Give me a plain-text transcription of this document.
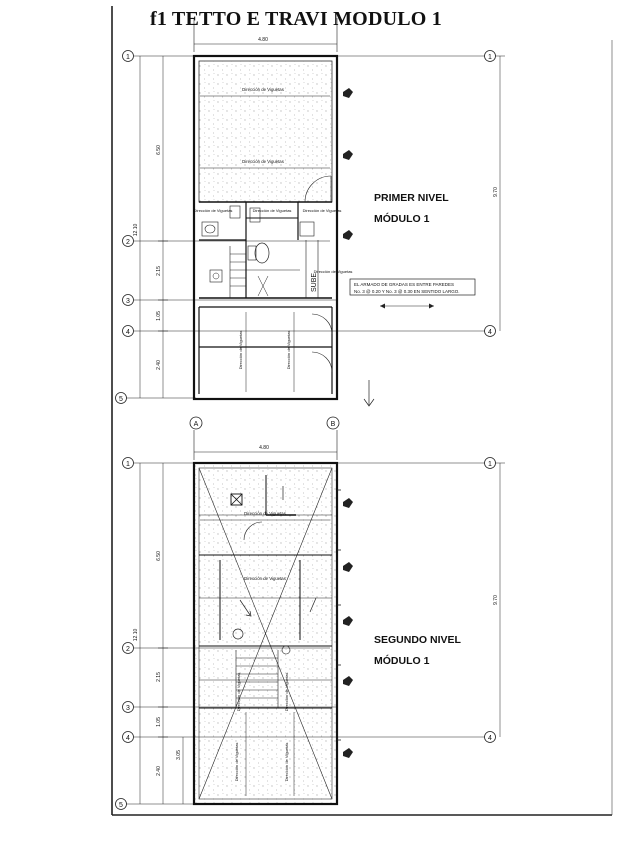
4.80
12.10
6.50
2.15
1.05
2.40
9.70
1	1
2
3
4	4
5
Dirección de Viguetas
Dirección de Viguetas
SUBE
Dirección de Viguetas	Dirección de Viguetas	Dirección de Viguetas
Dirección de Viguetas
Dirección de Viguetas	Dirección de Viguetas
EL ARMADO DE GRADAS ES ENTRE PAREDES
No. 3 @ 0.20 Y No. 3 @ 0.30 EN SENTIDO LARGO.
A	B
4.80
12.10
6.50
2.15
1.05
2.40
3.05
9.70
1	1
2
3
4	4
5
Dirección de Viguetas
Dirección de Viguetas
Dirección de Viguetas	Dirección de Viguetas
Dirección de Viguetas	Dirección de Viguetas
f1 TETTO E TRAVI MODULO 1
PRIMER NIVEL
MÓDULO 1
SEGUNDO NIVEL
MÓDULO 1
